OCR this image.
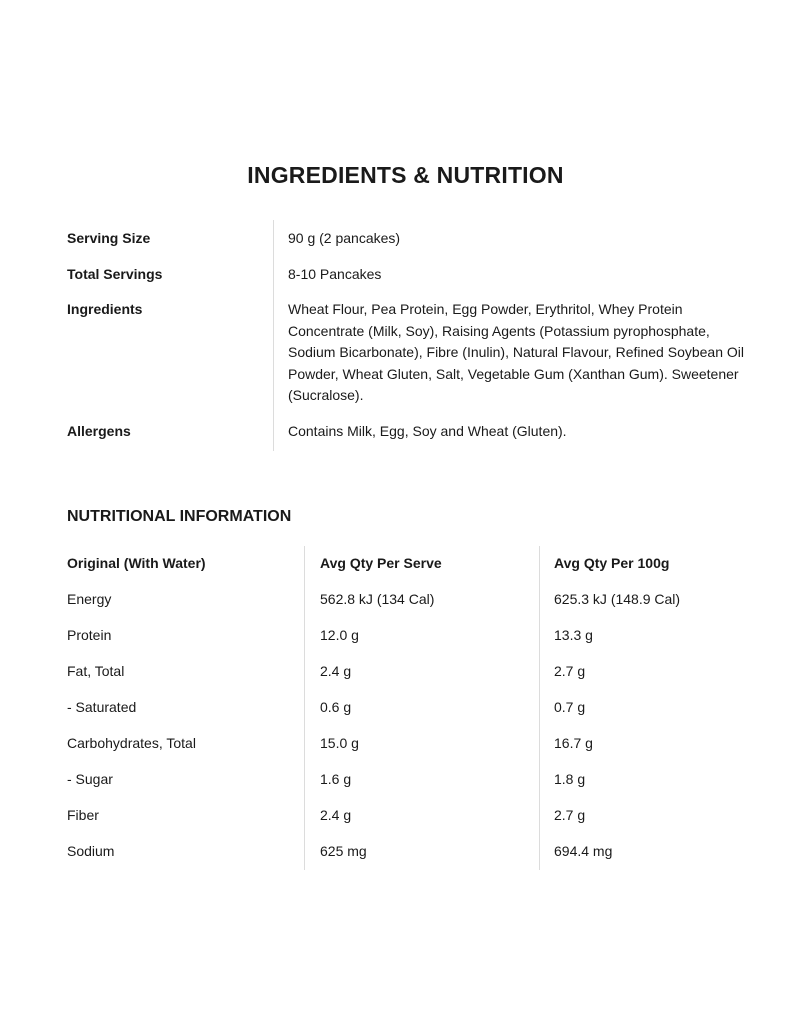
INGREDIENTS & NUTRITION
Serving Size	90 g (2 pancakes)
Total Servings	8-10 Pancakes
Ingredients	Wheat Flour, Pea Protein, Egg Powder, Erythritol, Whey Protein Concentrate (Milk, Soy), Raising Agents (Potassium pyrophosphate, Sodium Bicarbonate), Fibre (Inulin), Natural Flavour, Refined Soybean Oil Powder, Wheat Gluten, Salt, Vegetable Gum (Xanthan Gum). Sweetener (Sucralose).
Allergens	Contains Milk, Egg, Soy and Wheat (Gluten).
NUTRITIONAL INFORMATION
Original (With Water)	Avg Qty Per Serve	Avg Qty Per 100g
Energy	562.8 kJ (134 Cal)	625.3 kJ (148.9 Cal)
Protein	12.0 g	13.3 g
Fat, Total	2.4 g	2.7 g
- Saturated	0.6 g	0.7 g
Carbohydrates, Total	15.0 g	16.7 g
- Sugar	1.6 g	1.8 g
Fiber	2.4 g	2.7 g
Sodium	625 mg	694.4 mg
